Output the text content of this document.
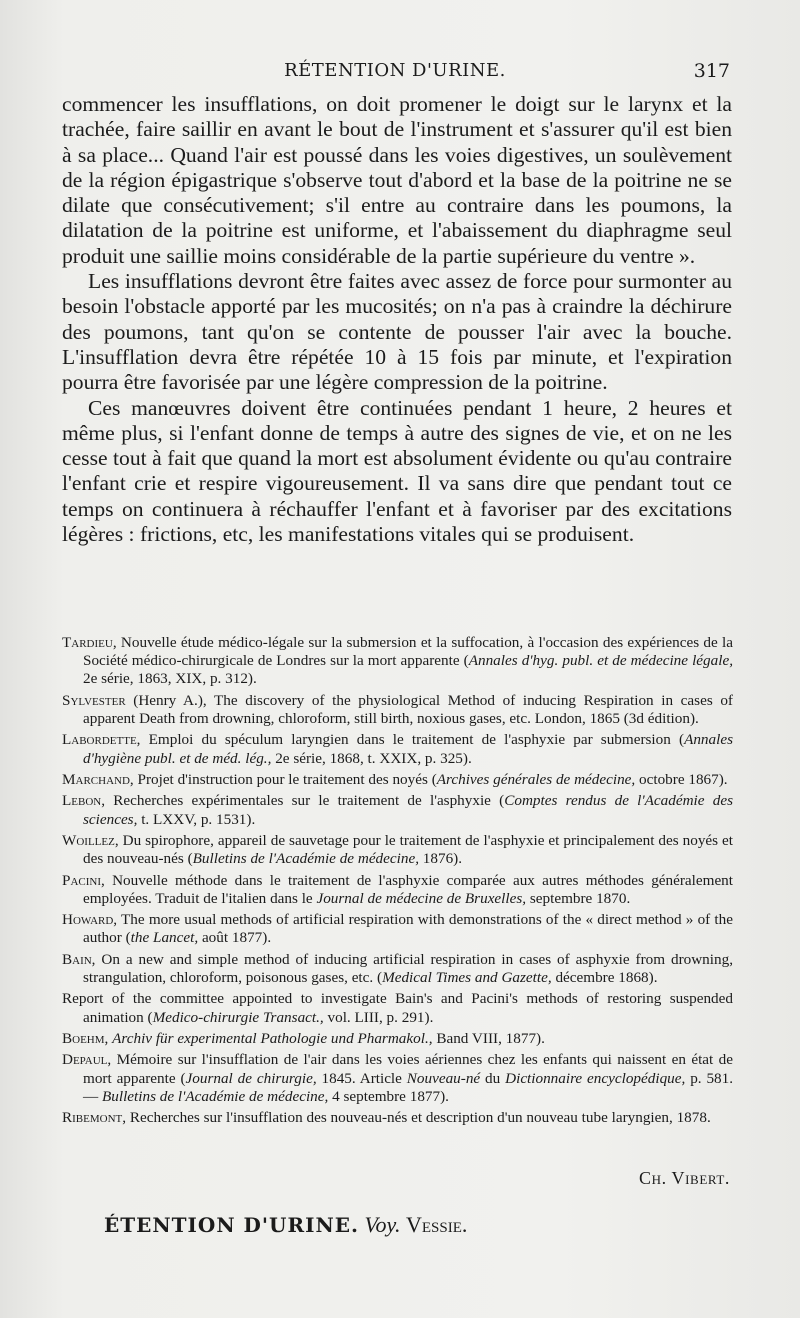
RÉTENTION D'URINE.	317

commencer les insufflations, on doit promener le doigt sur le larynx et la trachée, faire saillir en avant le bout de l'instrument et s'assurer qu'il est bien à sa place... Quand l'air est poussé dans les voies digestives, un soulèvement de la région épigastrique s'observe tout d'abord et la base de la poitrine ne se dilate que consécutivement; s'il entre au contraire dans les poumons, la dilatation de la poitrine est uniforme, et l'abaissement du diaphragme seul produit une saillie moins considérable de la partie supérieure du ventre ».

Les insufflations devront être faites avec assez de force pour surmonter au besoin l'obstacle apporté par les mucosités; on n'a pas à craindre la déchirure des poumons, tant qu'on se contente de pousser l'air avec la bouche. L'insufflation devra être répétée 10 à 15 fois par minute, et l'expiration pourra être favorisée par une légère compression de la poitrine.

Ces manœuvres doivent être continuées pendant 1 heure, 2 heures et même plus, si l'enfant donne de temps à autre des signes de vie, et on ne les cesse tout à fait que quand la mort est absolument évidente ou qu'au contraire l'enfant crie et respire vigoureusement. Il va sans dire que pendant tout ce temps on continuera à réchauffer l'enfant et à favoriser par des excitations légères : frictions, etc, les manifestations vitales qui se produisent.

Tardieu, Nouvelle étude médico-légale sur la submersion et la suffocation, à l'occasion des expériences de la Société médico-chirurgicale de Londres sur la mort apparente (Annales d'hyg. publ. et de médecine légale, 2e série, 1863, XIX, p. 312).

Sylvester (Henry A.), The discovery of the physiological Method of inducing Respiration in cases of apparent Death from drowning, chloroform, still birth, noxious gases, etc. London, 1865 (3d édition).

Labordette, Emploi du spéculum laryngien dans le traitement de l'asphyxie par submersion (Annales d'hygiène publ. et de méd. lég., 2e série, 1868, t. XXIX, p. 325).

Marchand, Projet d'instruction pour le traitement des noyés (Archives générales de médecine, octobre 1867).

Lebon, Recherches expérimentales sur le traitement de l'asphyxie (Comptes rendus de l'Académie des sciences, t. LXXV, p. 1531).

Woillez, Du spirophore, appareil de sauvetage pour le traitement de l'asphyxie et principalement des noyés et des nouveau-nés (Bulletins de l'Académie de médecine, 1876).

Pacini, Nouvelle méthode dans le traitement de l'asphyxie comparée aux autres méthodes généralement employées. Traduit de l'italien dans le Journal de médecine de Bruxelles, septembre 1870.

Howard, The more usual methods of artificial respiration with demonstrations of the « direct method » of the author (the Lancet, août 1877).

Bain, On a new and simple method of inducing artificial respiration in cases of asphyxie from drowning, strangulation, chloroform, poisonous gases, etc. (Medical Times and Gazette, décembre 1868).

Report of the committee appointed to investigate Bain's and Pacini's methods of restoring suspended animation (Medico-chirurgie Transact., vol. LIII, p. 291).

Boehm, Archiv für experimental Pathologie und Pharmakol., Band VIII, 1877).

Depaul, Mémoire sur l'insufflation de l'air dans les voies aériennes chez les enfants qui naissent en état de mort apparente (Journal de chirurgie, 1845. Article Nouveau-né du Dictionnaire encyclopédique, p. 581. — Bulletins de l'Académie de médecine, 4 septembre 1877).

Ribemont, Recherches sur l'insufflation des nouveau-nés et description d'un nouveau tube laryngien, 1878.

Ch. Vibert.
ÉTENTION D'URINE. Voy. Vessie.
